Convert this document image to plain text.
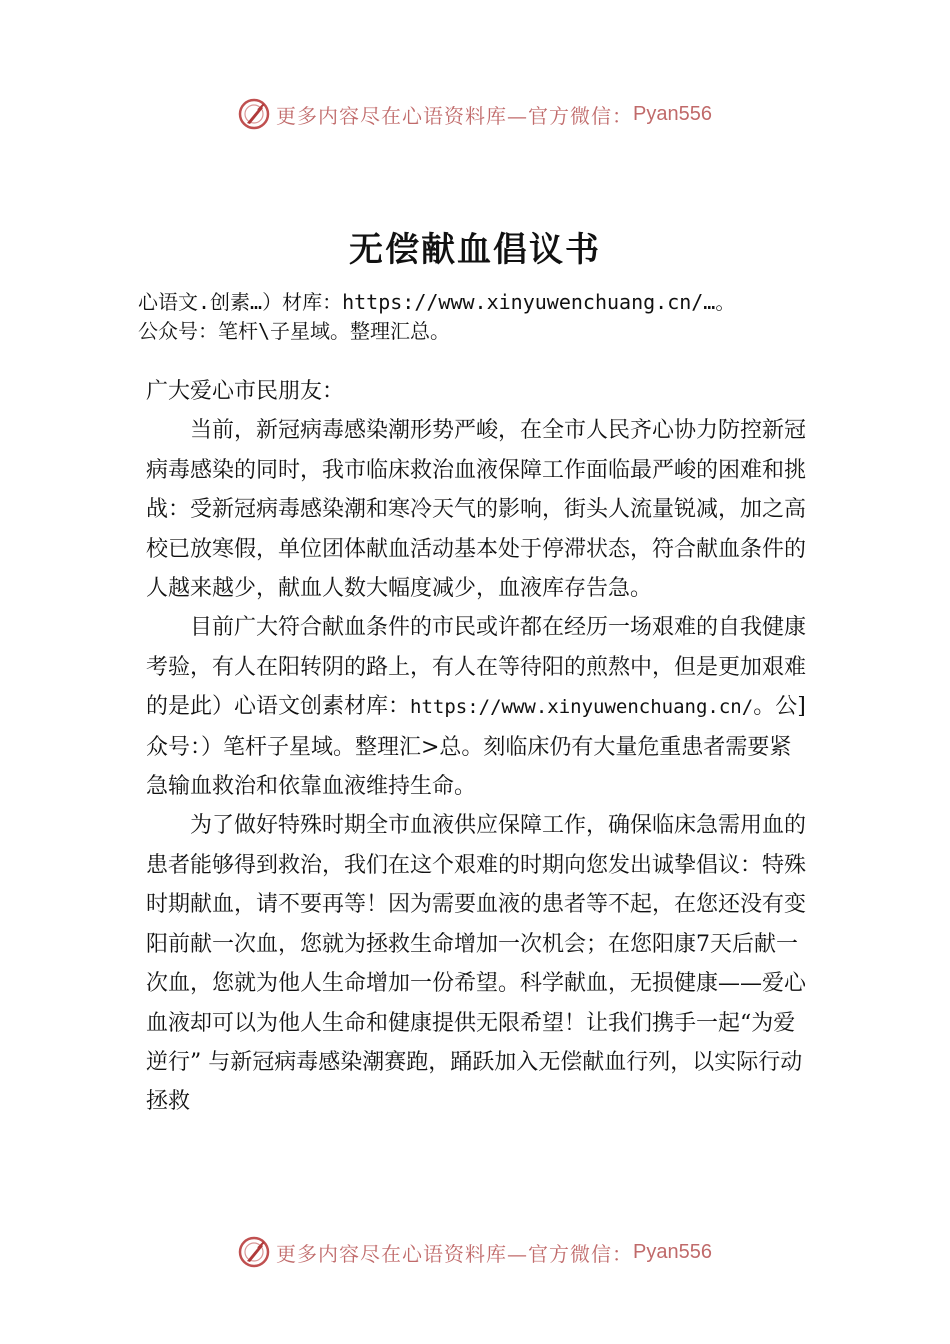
更多内容尽在心语资料库—官方微信： Pyan556
无偿献血倡议书
心语文.创素…）材库：https://www.xinyuwenchuang.cn/…。
公众号：笔杆\子星域。整理汇总。

广大爱心市民朋友：

当前，新冠病毒感染潮形势严峻，在全市人民齐心协力防控新冠病毒感染的同时，我市临床救治血液保障工作面临最严峻的困难和挑战：受新冠病毒感染潮和寒冷天气的影响，街头人流量锐减，加之高校已放寒假，单位团体献血活动基本处于停滞状态，符合献血条件的人越来越少，献血人数大幅度减少，血液库存告急。

目前广大符合献血条件的市民或许都在经历一场艰难的自我健康考验，有人在阳转阴的路上，有人在等待阳的煎熬中，但是更加艰难的是此）心语文创素材库：https://www.xinyuwenchuang.cn/。公]众号：）笔杆子星域。整理汇>总。刻临床仍有大量危重患者需要紧急输血救治和依靠血液维持生命。

为了做好特殊时期全市血液供应保障工作，确保临床急需用血的患者能够得到救治，我们在这个艰难的时期向您发出诚挚倡议：特殊时期献血，请不要再等！因为需要血液的患者等不起，在您还没有变阳前献一次血，您就为拯救生命增加一次机会；在您阳康7天后献一次血，您就为他人生命增加一份希望。科学献血，无损健康——爱心血液却可以为他人生命和健康提供无限希望！让我们携手一起“为爱逆行” 与新冠病毒感染潮赛跑，踊跃加入无偿献血行列，以实际行动拯救

更多内容尽在心语资料库—官方微信： Pyan556
